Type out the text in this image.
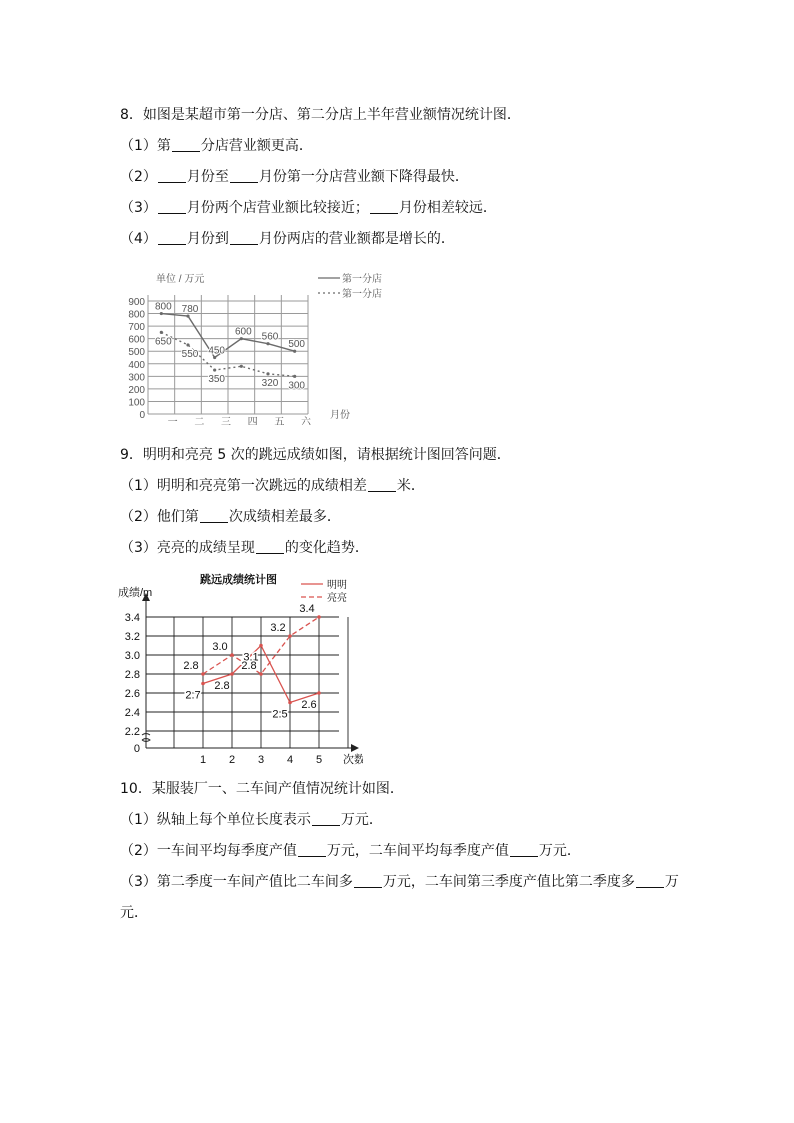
8．如图是某超市第一分店、第二分店上半年营业额情况统计图．
（1）第 分店营业额更高．
（2） 月份至 月份第一分店营业额下降得最快．
（3） 月份两个店营业额比较接近； 月份相差较远．
（4） 月份到 月份两店的营业额都是增长的．
0
100
200
300
400
500
600
700
800
900
一 二 三 四 五 六
月份
单位 / 万元
800 780
450
600 560
500
第一分店
650
550
350	320 300
第一分店
9．明明和亮亮 5 次的跳远成绩如图，请根据统计图回答问题．
（1）明明和亮亮第一次跳远的成绩相差 米．
（2）他们第 次成绩相差最多．
（3）亮亮的成绩呈现 的变化趋势．
0
2.2
2.4
2.6
2.8
3.0
3.2
3.4
1 2 3 4 5 次数
成绩/m
跳远成绩统计图
2.7
2.8
3.1
2.5
2.6
明明
2.8
3.0
2.8
3.2
3.4
亮亮
10．某服装厂一、二车间产值情况统计如图．
（1）纵轴上每个单位长度表示 万元．
（2）一车间平均每季度产值 万元，二车间平均每季度产值 万元．
（3）第二季度一车间产值比二车间多 万元，二车间第三季度产值比第二季度多 万
元．
